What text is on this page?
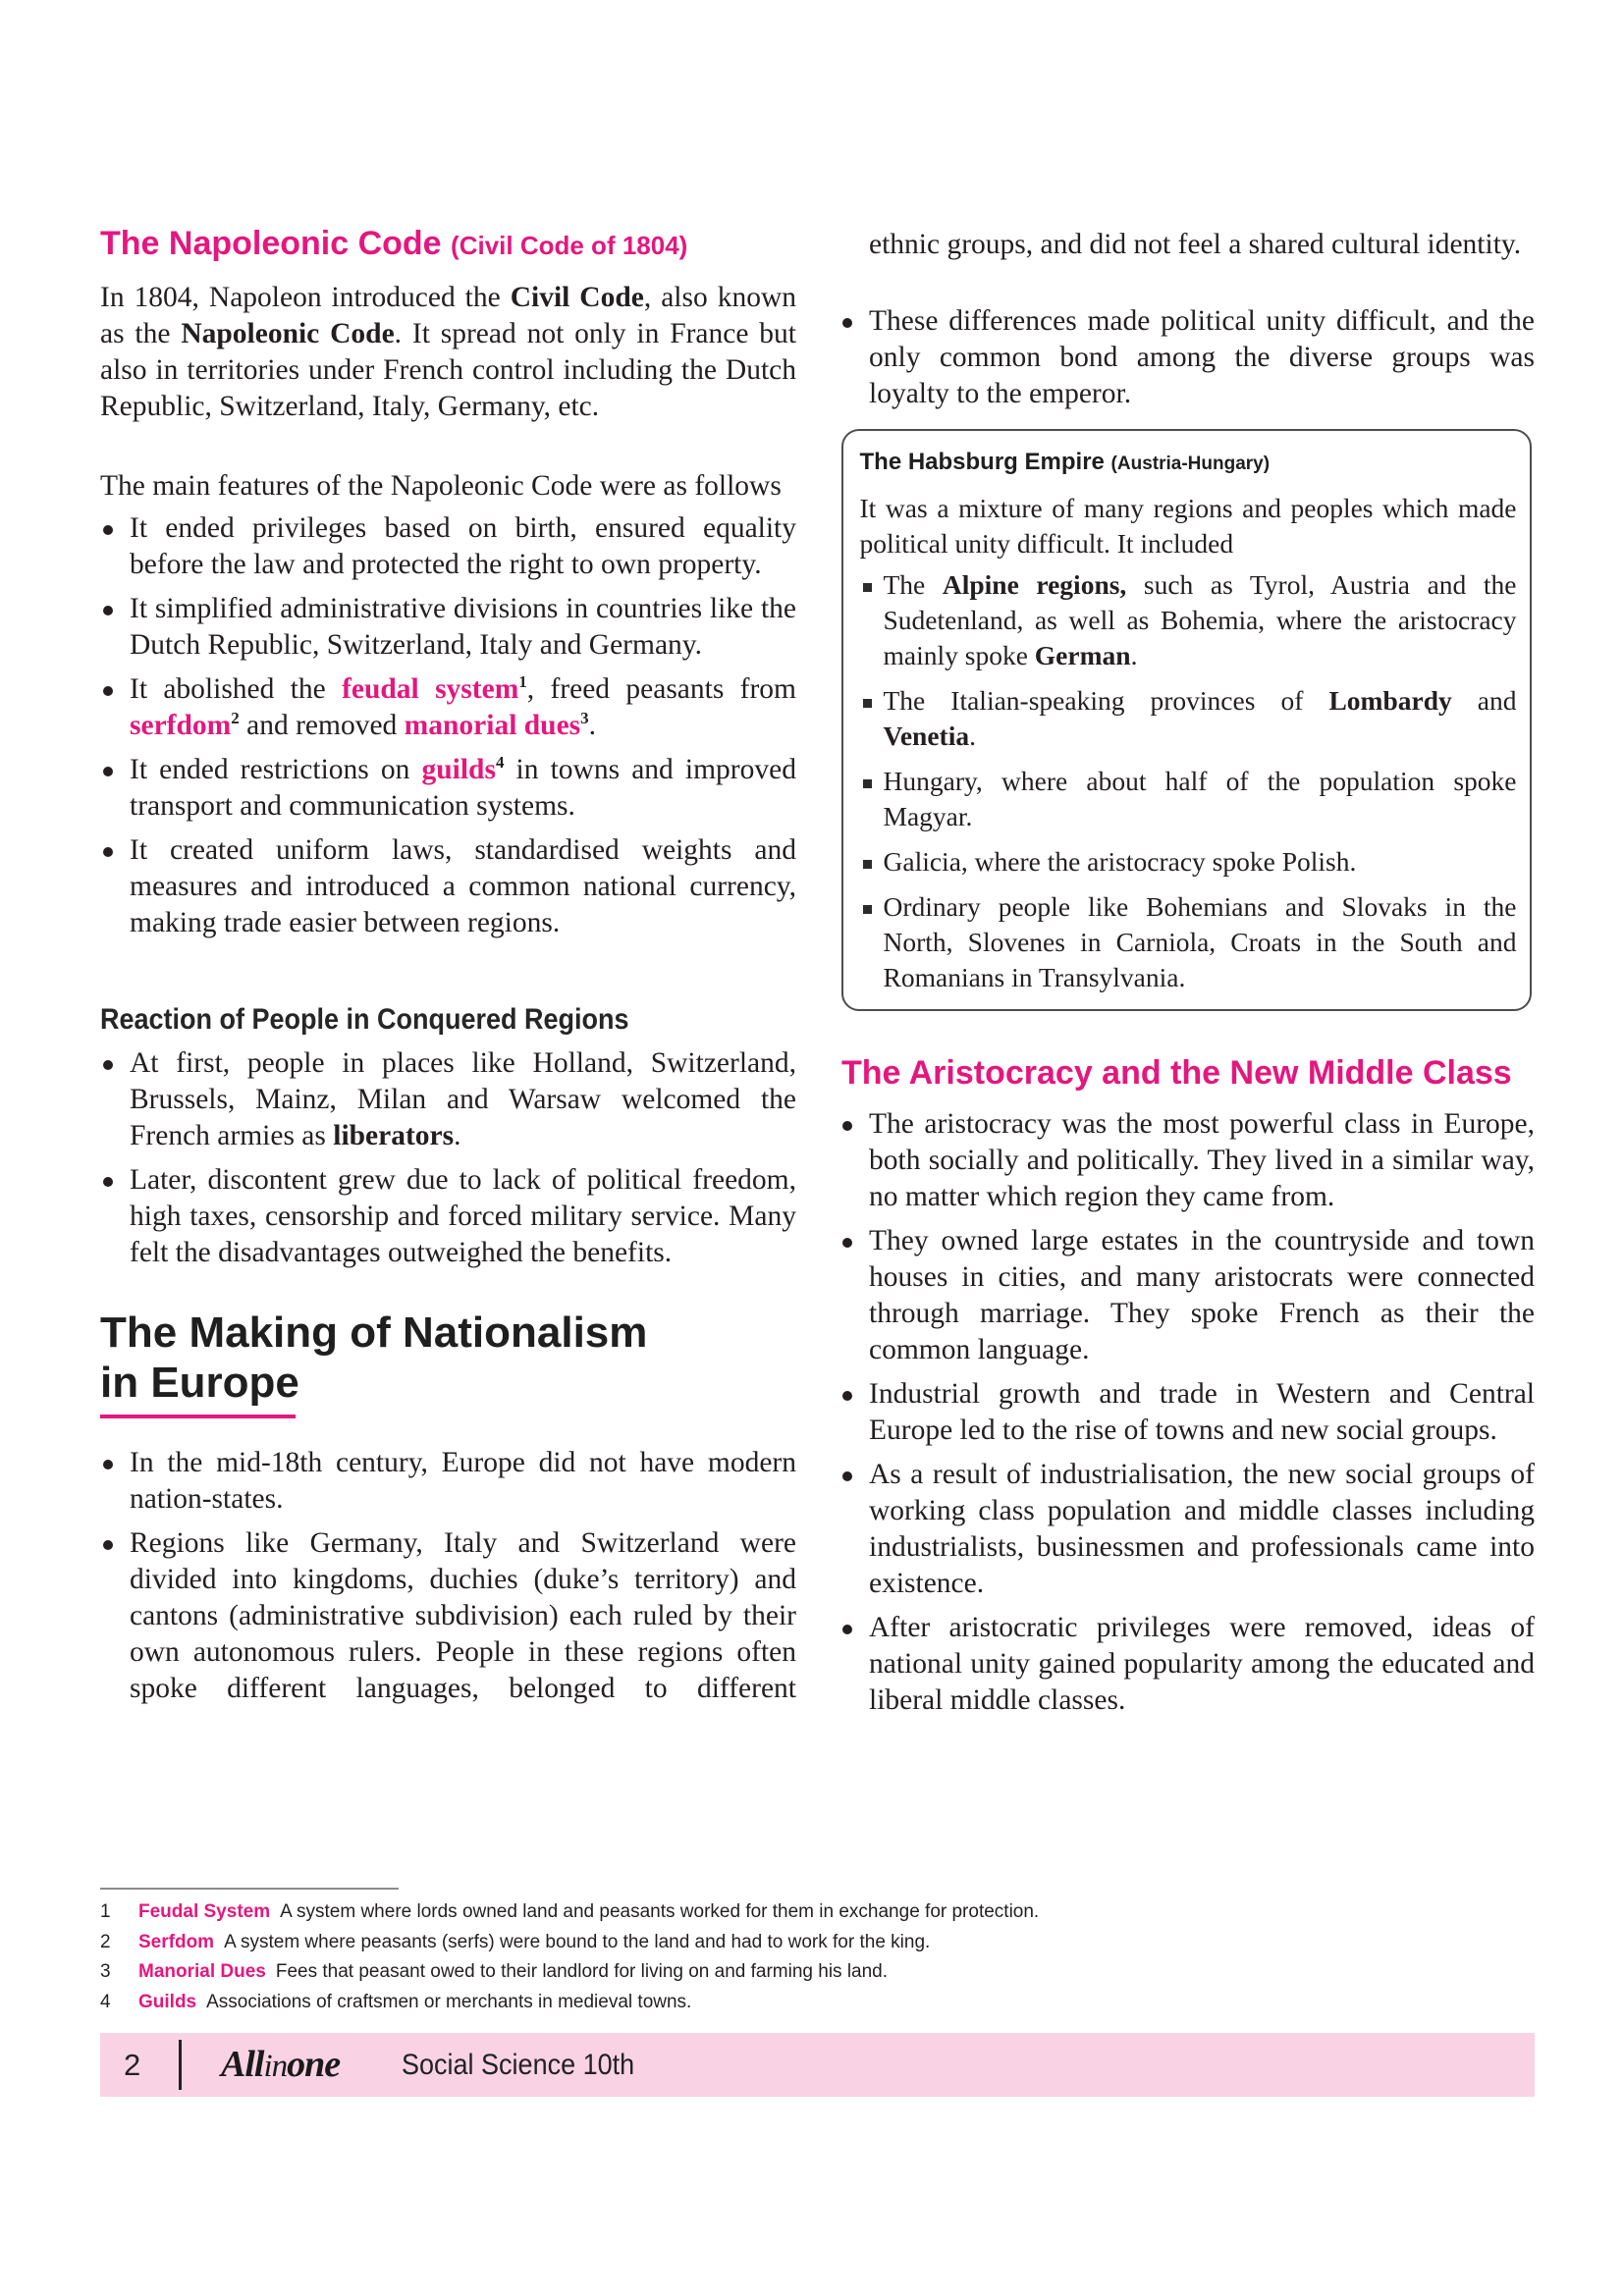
The Napoleonic Code (Civil Code of 1804)

In 1804, Napoleon introduced the Civil Code, also known as the Napoleonic Code. It spread not only in France but also in territories under French control including the Dutch Republic, Switzerland, Italy, Germany, etc.

The main features of the Napoleonic Code were as follows

It ended privileges based on birth, ensured equality before the law and protected the right to own property.
It simplified administrative divisions in countries like the Dutch Republic, Switzerland, Italy and Germany.
It abolished the feudal system$^1$, freed peasants from serfdom$^2$ and removed manorial dues$^3$.
It ended restrictions on guilds$^4$ in towns and improved transport and communication systems.
It created uniform laws, standardised weights and measures and introduced a common national currency, making trade easier between regions.
Reaction of People in Conquered Regions
At first, people in places like Holland, Switzerland, Brussels, Mainz, Milan and Warsaw welcomed the French armies as liberators.
Later, discontent grew due to lack of political freedom, high taxes, censorship and forced military service. Many felt the disadvantages outweighed the benefits.
The Making of Nationalism
in Europe
In the mid-18th century, Europe did not have modern nation-states.
Regions like Germany, Italy and Switzerland were divided into kingdoms, duchies (duke’s territory) and cantons (administrative subdivision) each ruled by their own autonomous rulers. People in these regions often spoke different languages, belonged to different

ethnic groups, and did not feel a shared cultural identity.

These differences made political unity difficult, and the only common bond among the diverse groups was loyalty to the emperor.
The Habsburg Empire (Austria-Hungary)

It was a mixture of many regions and peoples which made political unity difficult. It included

The Alpine regions, such as Tyrol, Austria and the Sudetenland, as well as Bohemia, where the aristocracy mainly spoke German.
The Italian-speaking provinces of Lombardy and Venetia.
Hungary, where about half of the population spoke Magyar.
Galicia, where the aristocracy spoke Polish.
Ordinary people like Bohemians and Slovaks in the North, Slovenes in Carniola, Croats in the South and Romanians in Transylvania.
The Aristocracy and the New Middle Class
The aristocracy was the most powerful class in Europe, both socially and politically. They lived in a similar way, no matter which region they came from.
They owned large estates in the countryside and town houses in cities, and many aristocrats were connected through marriage. They spoke French as their the common language.
Industrial growth and trade in Western and Central Europe led to the rise of towns and new social groups.
As a result of industrialisation, the new social groups of working class population and middle classes including industrialists, businessmen and professionals came into existence.
After aristocratic privileges were removed, ideas of national unity gained popularity among the educated and liberal middle classes.
1	Feudal System A system where lords owned land and peasants worked for them in exchange for protection.
2	Serfdom A system where peasants (serfs) were bound to the land and had to work for the king.
3	Manorial Dues Fees that peasant owed to their landlord for living on and farming his land.
4	Guilds Associations of craftsmen or merchants in medieval towns.
2 Allinone Social Science 10th
